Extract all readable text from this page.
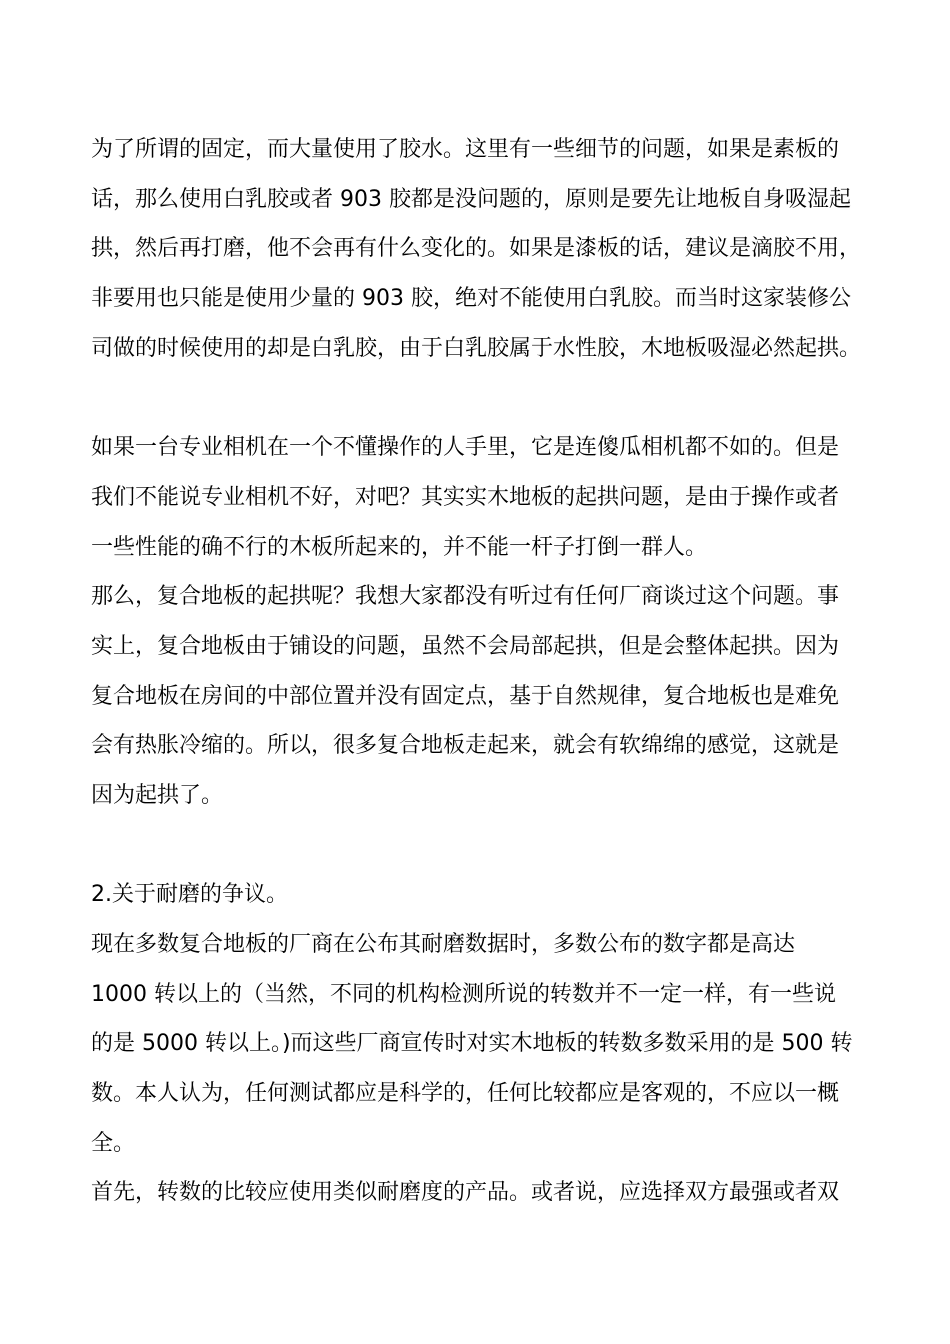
为了所谓的固定，而大量使用了胶水。这里有一些细节的问题，如果是素板的
话，那么使用白乳胶或者 903 胶都是没问题的，原则是要先让地板自身吸湿起
拱，然后再打磨，他不会再有什么变化的。如果是漆板的话，建议是滴胶不用，
非要用也只能是使用少量的 903 胶，绝对不能使用白乳胶。而当时这家装修公
司做的时候使用的却是白乳胶，由于白乳胶属于水性胶，木地板吸湿必然起拱。
如果一台专业相机在一个不懂操作的人手里，它是连傻瓜相机都不如的。但是
我们不能说专业相机不好，对吧？其实实木地板的起拱问题，是由于操作或者
一些性能的确不行的木板所起来的，并不能一杆子打倒一群人。
那么，复合地板的起拱呢？我想大家都没有听过有任何厂商谈过这个问题。事
实上，复合地板由于铺设的问题，虽然不会局部起拱，但是会整体起拱。因为
复合地板在房间的中部位置并没有固定点，基于自然规律，复合地板也是难免
会有热胀冷缩的。所以，很多复合地板走起来，就会有软绵绵的感觉，这就是
因为起拱了。
2.关于耐磨的争议。
现在多数复合地板的厂商在公布其耐磨数据时，多数公布的数字都是高达
1000 转以上的（当然，不同的机构检测所说的转数并不一定一样，有一些说
的是 5000 转以上。)而这些厂商宣传时对实木地板的转数多数采用的是 500 转
数。本人认为，任何测试都应是科学的，任何比较都应是客观的，不应以一概
全。
首先，转数的比较应使用类似耐磨度的产品。或者说，应选择双方最强或者双
